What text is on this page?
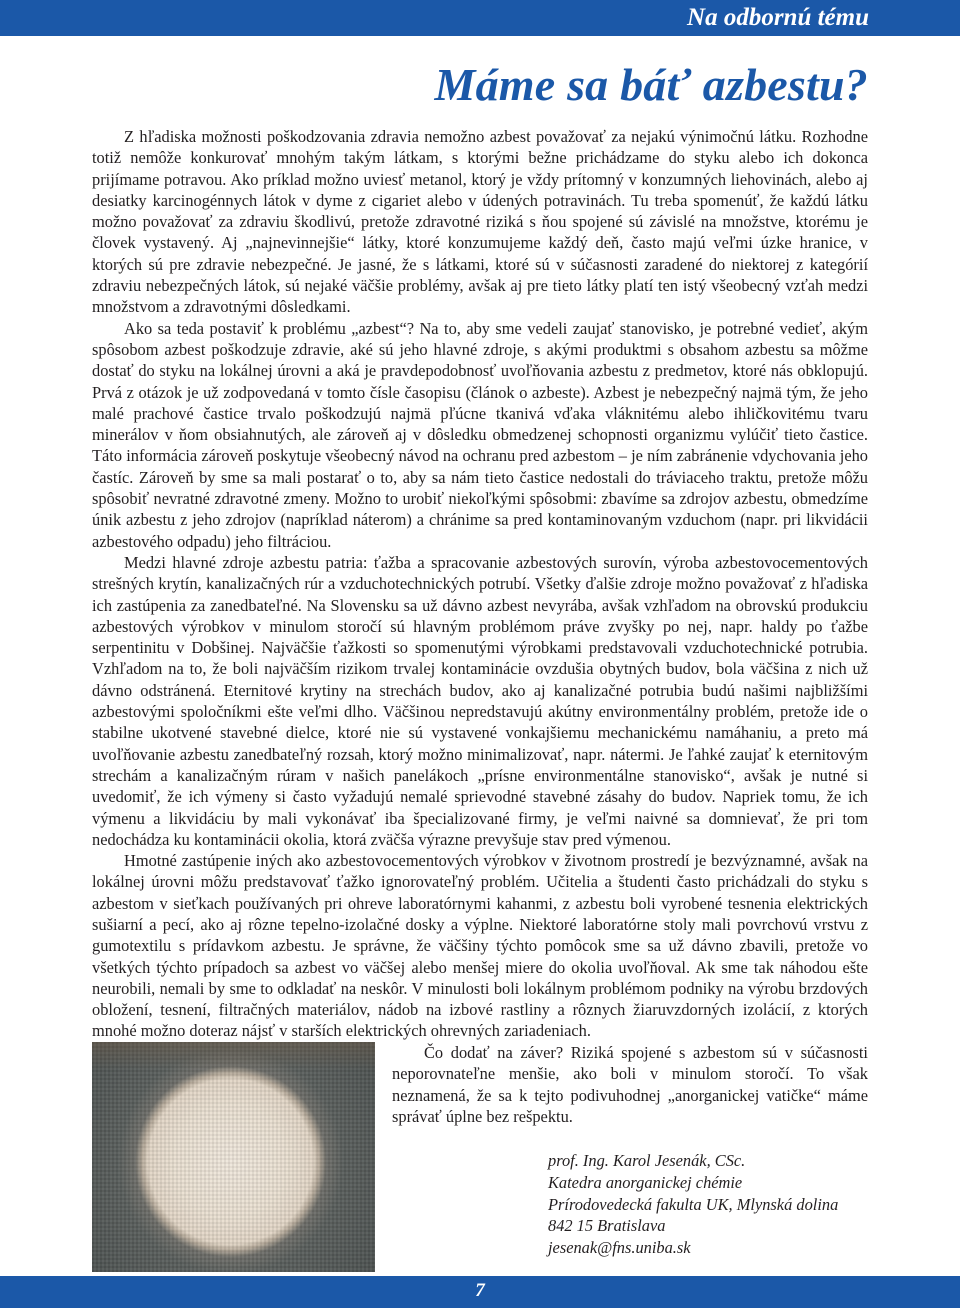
Na odbornú tému
Máme sa báť azbestu?

Z hľadiska možnosti poškodzovania zdravia nemožno azbest považovať za nejakú výnimočnú látku. Rozhodne totiž nemôže konkurovať mnohým takým látkam, s ktorými bežne prichádzame do styku alebo ich dokonca prijímame potravou. Ako príklad možno uviesť metanol, ktorý je vždy prítomný v konzumných liehovinách, alebo aj desiatky karcinogénnych látok v dyme z cigariet alebo v údených potravinách. Tu treba spomenúť, že každú látku možno považovať za zdraviu škodlivú, pretože zdravotné riziká s ňou spojené sú závislé na množstve, ktorému je človek vystavený. Aj „najnevinnejšie“ látky, ktoré konzumujeme každý deň, často majú veľmi úzke hranice, v ktorých sú pre zdravie nebezpečné. Je jasné, že s látkami, ktoré sú v súčasnosti zaradené do niektorej z kategórií zdraviu nebezpečných látok, sú nejaké väčšie problémy, avšak aj pre tieto látky platí ten istý všeobecný vzťah medzi množstvom a zdravotnými dôsledkami.

Ako sa teda postaviť k problému „azbest“? Na to, aby sme vedeli zaujať stanovisko, je potrebné vedieť, akým spôsobom azbest poškodzuje zdravie, aké sú jeho hlavné zdroje, s akými produktmi s obsahom azbestu sa môžme dostať do styku na lokálnej úrovni a aká je pravdepodobnosť uvoľňovania azbestu z predmetov, ktoré nás obklopujú. Prvá z otázok je už zodpovedaná v tomto čísle časopisu (článok o azbeste). Azbest je nebezpečný najmä tým, že jeho malé prachové častice trvalo poškodzujú najmä pľúcne tkanivá vďaka vláknitému alebo ihličkovitému tvaru minerálov v ňom obsiahnutých, ale zároveň aj v dôsledku obmedzenej schopnosti organizmu vylúčiť tieto častice. Táto informácia zároveň poskytuje všeobecný návod na ochranu pred azbestom – je ním zabránenie vdychovania jeho častíc. Zároveň by sme sa mali postarať o to, aby sa nám tieto častice nedostali do tráviaceho traktu, pretože môžu spôsobiť nevratné zdravotné zmeny. Možno to urobiť niekoľkými spôsobmi: zbavíme sa zdrojov azbestu, obmedzíme únik azbestu z jeho zdrojov (napríklad náterom) a chránime sa pred kontaminovaným vzduchom (napr. pri likvidácii azbestového odpadu) jeho filtráciou.

Medzi hlavné zdroje azbestu patria: ťažba a spracovanie azbestových surovín, výroba azbestovocementových strešných krytín, kanalizačných rúr a vzduchotechnických potrubí. Všetky ďalšie zdroje možno považovať z hľadiska ich zastúpenia za zanedbateľné. Na Slovensku sa už dávno azbest nevyrába, avšak vzhľadom na obrovskú produkciu azbestových výrobkov v minulom storočí sú hlavným problémom práve zvyšky po nej, napr. haldy po ťažbe serpentinitu v Dobšinej. Najväčšie ťažkosti so spomenutými výrobkami predstavovali vzduchotechnické potrubia. Vzhľadom na to, že boli najväčším rizikom trvalej kontaminácie ovzdušia obytných budov, bola väčšina z nich už dávno odstránená. Eternitové krytiny na strechách budov, ako aj kanalizačné potrubia budú našimi najbližšími azbestovými spoločníkmi ešte veľmi dlho. Väčšinou nepredstavujú akútny environmentálny problém, pretože ide o stabilne ukotvené stavebné dielce, ktoré nie sú vystavené vonkajšiemu mechanickému namáhaniu, a preto má uvoľňovanie azbestu zanedbateľný rozsah, ktorý možno minimalizovať, napr. nátermi. Je ľahké zaujať k eternitovým strechám a kanalizačným rúram v našich panelákoch „prísne environmentálne stanovisko“, avšak je nutné si uvedomiť, že ich výmeny si často vyžadujú nemalé sprievodné stavebné zásahy do budov. Napriek tomu, že ich výmenu a likvidáciu by mali vykonávať iba špecializované firmy, je veľmi naivné sa domnievať, že pri tom nedochádza ku kontaminácii okolia, ktorá zväčša výrazne prevyšuje stav pred výmenou.

Hmotné zastúpenie iných ako azbestovocementových výrobkov v životnom prostredí je bezvýznamné, avšak na lokálnej úrovni môžu predstavovať ťažko ignorovateľný problém. Učitelia a študenti často prichádzali do styku s azbestom v sieťkach používaných pri ohreve laboratórnymi kahanmi, z azbestu boli vyrobené tesnenia elektrických sušiarní a pecí, ako aj rôzne tepelno-izolačné dosky a výplne. Niektoré laboratórne stoly mali povrchovú vrstvu z gumotextilu s prídavkom azbestu. Je správne, že väčšiny týchto pomôcok sme sa už dávno zbavili, pretože vo všetkých týchto prípadoch sa azbest vo väčšej alebo menšej miere do okolia uvoľňoval. Ak sme tak náhodou ešte neurobili, nemali by sme to odkladať na neskôr. V minulosti boli lokálnym problémom podniky na výrobu brzdových obložení, tesnení, filtračných materiálov, nádob na izbové rastliny a rôznych žiaruvzdorných izolácií, z ktorých mnohé možno doteraz nájsť v starších elektrických ohrevných zariadeniach.

Čo dodať na záver? Riziká spojené s azbestom sú v súčasnosti neporovnateľne menšie, ako boli v minulom storočí. To však neznamená, že sa k tejto podivuhodnej „anorganickej vatičke“ máme správať úplne bez rešpektu.

prof. Ing. Karol Jesenák, CSc.
Katedra anorganickej chémie
Prírodovedecká fakulta UK, Mlynská dolina
842 15 Bratislava
jesenak@fns.uniba.sk
7
